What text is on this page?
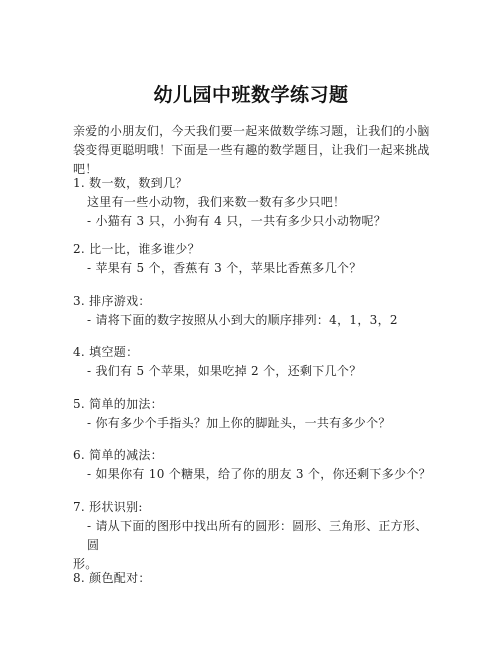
幼儿园中班数学练习题
亲爱的小朋友们，今天我们要一起来做数学练习题，让我们的小脑袋变得更聪明哦！下面是一些有趣的数学题目，让我们一起来挑战吧！
1. 数一数，数到几？
这里有一些小动物，我们来数一数有多少只吧！
- 小猫有 3 只，小狗有 4 只，一共有多少只小动物呢？
2. 比一比，谁多谁少？
- 苹果有 5 个，香蕉有 3 个，苹果比香蕉多几个？
3. 排序游戏：
- 请将下面的数字按照从小到大的顺序排列：4，1，3，2
4. 填空题：
- 我们有 5 个苹果，如果吃掉 2 个，还剩下几个？
5. 简单的加法：
- 你有多少个手指头？加上你的脚趾头，一共有多少个？
6. 简单的减法：
- 如果你有 10 个糖果，给了你的朋友 3 个，你还剩下多少个？
7. 形状识别:
- 请从下面的图形中找出所有的圆形：圆形、三角形、正方形、圆
形。
8. 颜色配对：
